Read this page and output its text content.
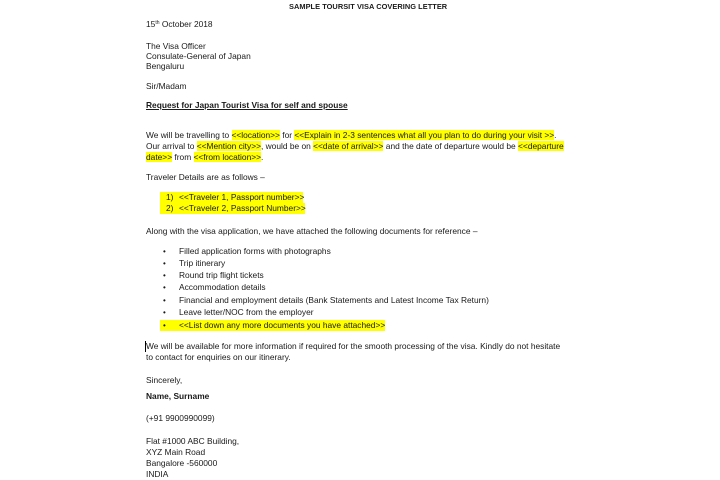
SAMPLE TOURSIT VISA COVERING LETTER
15th October 2018
The Visa Officer
Consulate-General of Japan
Bengaluru
Sir/Madam
Request for Japan Tourist Visa for self and spouse
We will be travelling to <<location>> for <<Explain in 2-3 sentences what all you plan to do during your visit >>.
Our arrival to <<Mention city>>, would be on <<date of arrival>> and the date of departure would be <<departure
date>> from <<from location>>.
Traveler Details are as follows –
1) <<Traveler 1, Passport number>>
2) <<Traveler 2, Passport Number>>
Along with the visa application, we have attached the following documents for reference –
• Filled application forms with photographs
• Trip itinerary
• Round trip flight tickets
• Accommodation details
• Financial and employment details (Bank Statements and Latest Income Tax Return)
• Leave letter/NOC from the employer
• <<List down any more documents you have attached>>
We will be available for more information if required for the smooth processing of the visa. Kindly do not hesitate
to contact for enquiries on our itinerary.
Sincerely,
Name, Surname
(+91 9900990099)
Flat #1000 ABC Building,
XYZ Main Road
Bangalore -560000
INDIA
